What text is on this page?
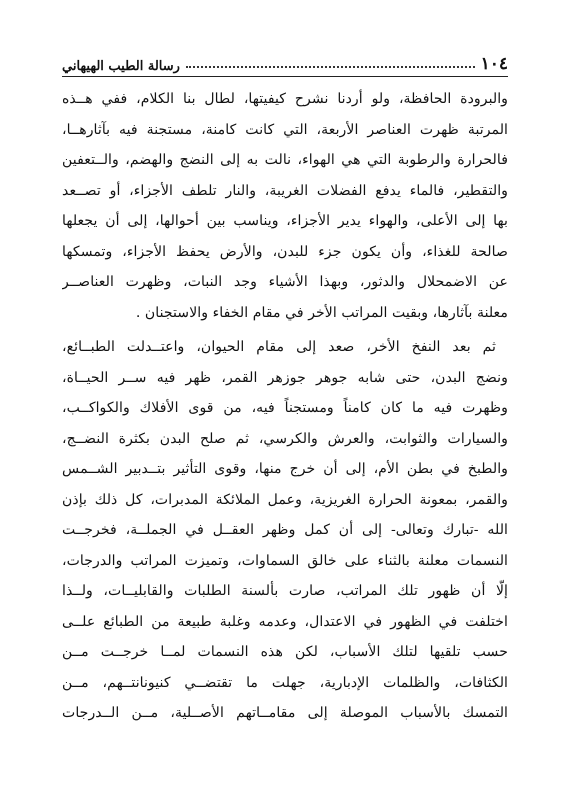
١٠٤
رسالة الطيب الهيهاني
والبرودة الحافظة، ولو أردنا نشرح كيفيتها، لطال بنا الكلام، ففي هــذه
المرتبة ظهرت العناصر الأربعة، التي كانت كامنة، مستجنة فيه بآثارهــا،
فالحرارة والرطوبة التي هي الهواء، نالت به إلى النضج والهضم، والــتعفين
والتقطير، فالماء يدفع الفضلات الغريبة، والنار تلطف الأجزاء، أو تصــعد
بها إلى الأعلى، والهواء يدير الأجزاء، ويناسب بين أحوالها، إلى أن يجعلها
صالحة للغذاء، وأن يكون جزء للبدن، والأرض يحفظ الأجزاء، وتمسكها
عن الاضمحلال والدثور، وبهذا الأشياء وجد النبات، وظهرت العناصــر
معلنة بآثارها، وبقيت المراتب الأخر في مقام الخفاء والاستجنان .
ثم بعد النفخ الأخر، صعد إلى مقام الحيوان، واعتــدلت الطبــائع،
ونضج البدن، حتى شابه جوهر جوزهر القمر، ظهر فيه ســر الحيــاة،
وظهرت فيه ما كان كامناً ومستجناً فيه، من قوى الأفلاك والكواكــب،
والسيارات والثوابت، والعرش والكرسي، ثم صلح البدن بكثرة النضــج،
والطبخ في بطن الأم، إلى أن خرج منها، وقوى التأثير بتــدبير الشــمس
والقمر، بمعونة الحرارة الغريزية، وعمل الملائكة المدبرات، كل ذلك بإذن
الله -تبارك وتعالى- إلى أن كمل وظهر العقــل في الجملــة، فخرجــت
النسمات معلنة بالثناء على خالق السماوات، وتميزت المراتب والدرجات،
إلّا أن ظهور تلك المراتب، صارت بألسنة الطلبات والقابليــات، ولــذا
اختلفت في الظهور في الاعتدال، وعدمه وغلبة طبيعة من الطبائع علــى
حسب تلقيها لتلك الأسباب، لكن هذه النسمات لمــا خرجــت مــن
الكثافات، والظلمات الإدبارية، جهلت ما تقتضــي كنيونانتــهم، مــن
التمسك بالأسباب الموصلة إلى مقامــاتهم الأصــلية، مــن الــدرجات
